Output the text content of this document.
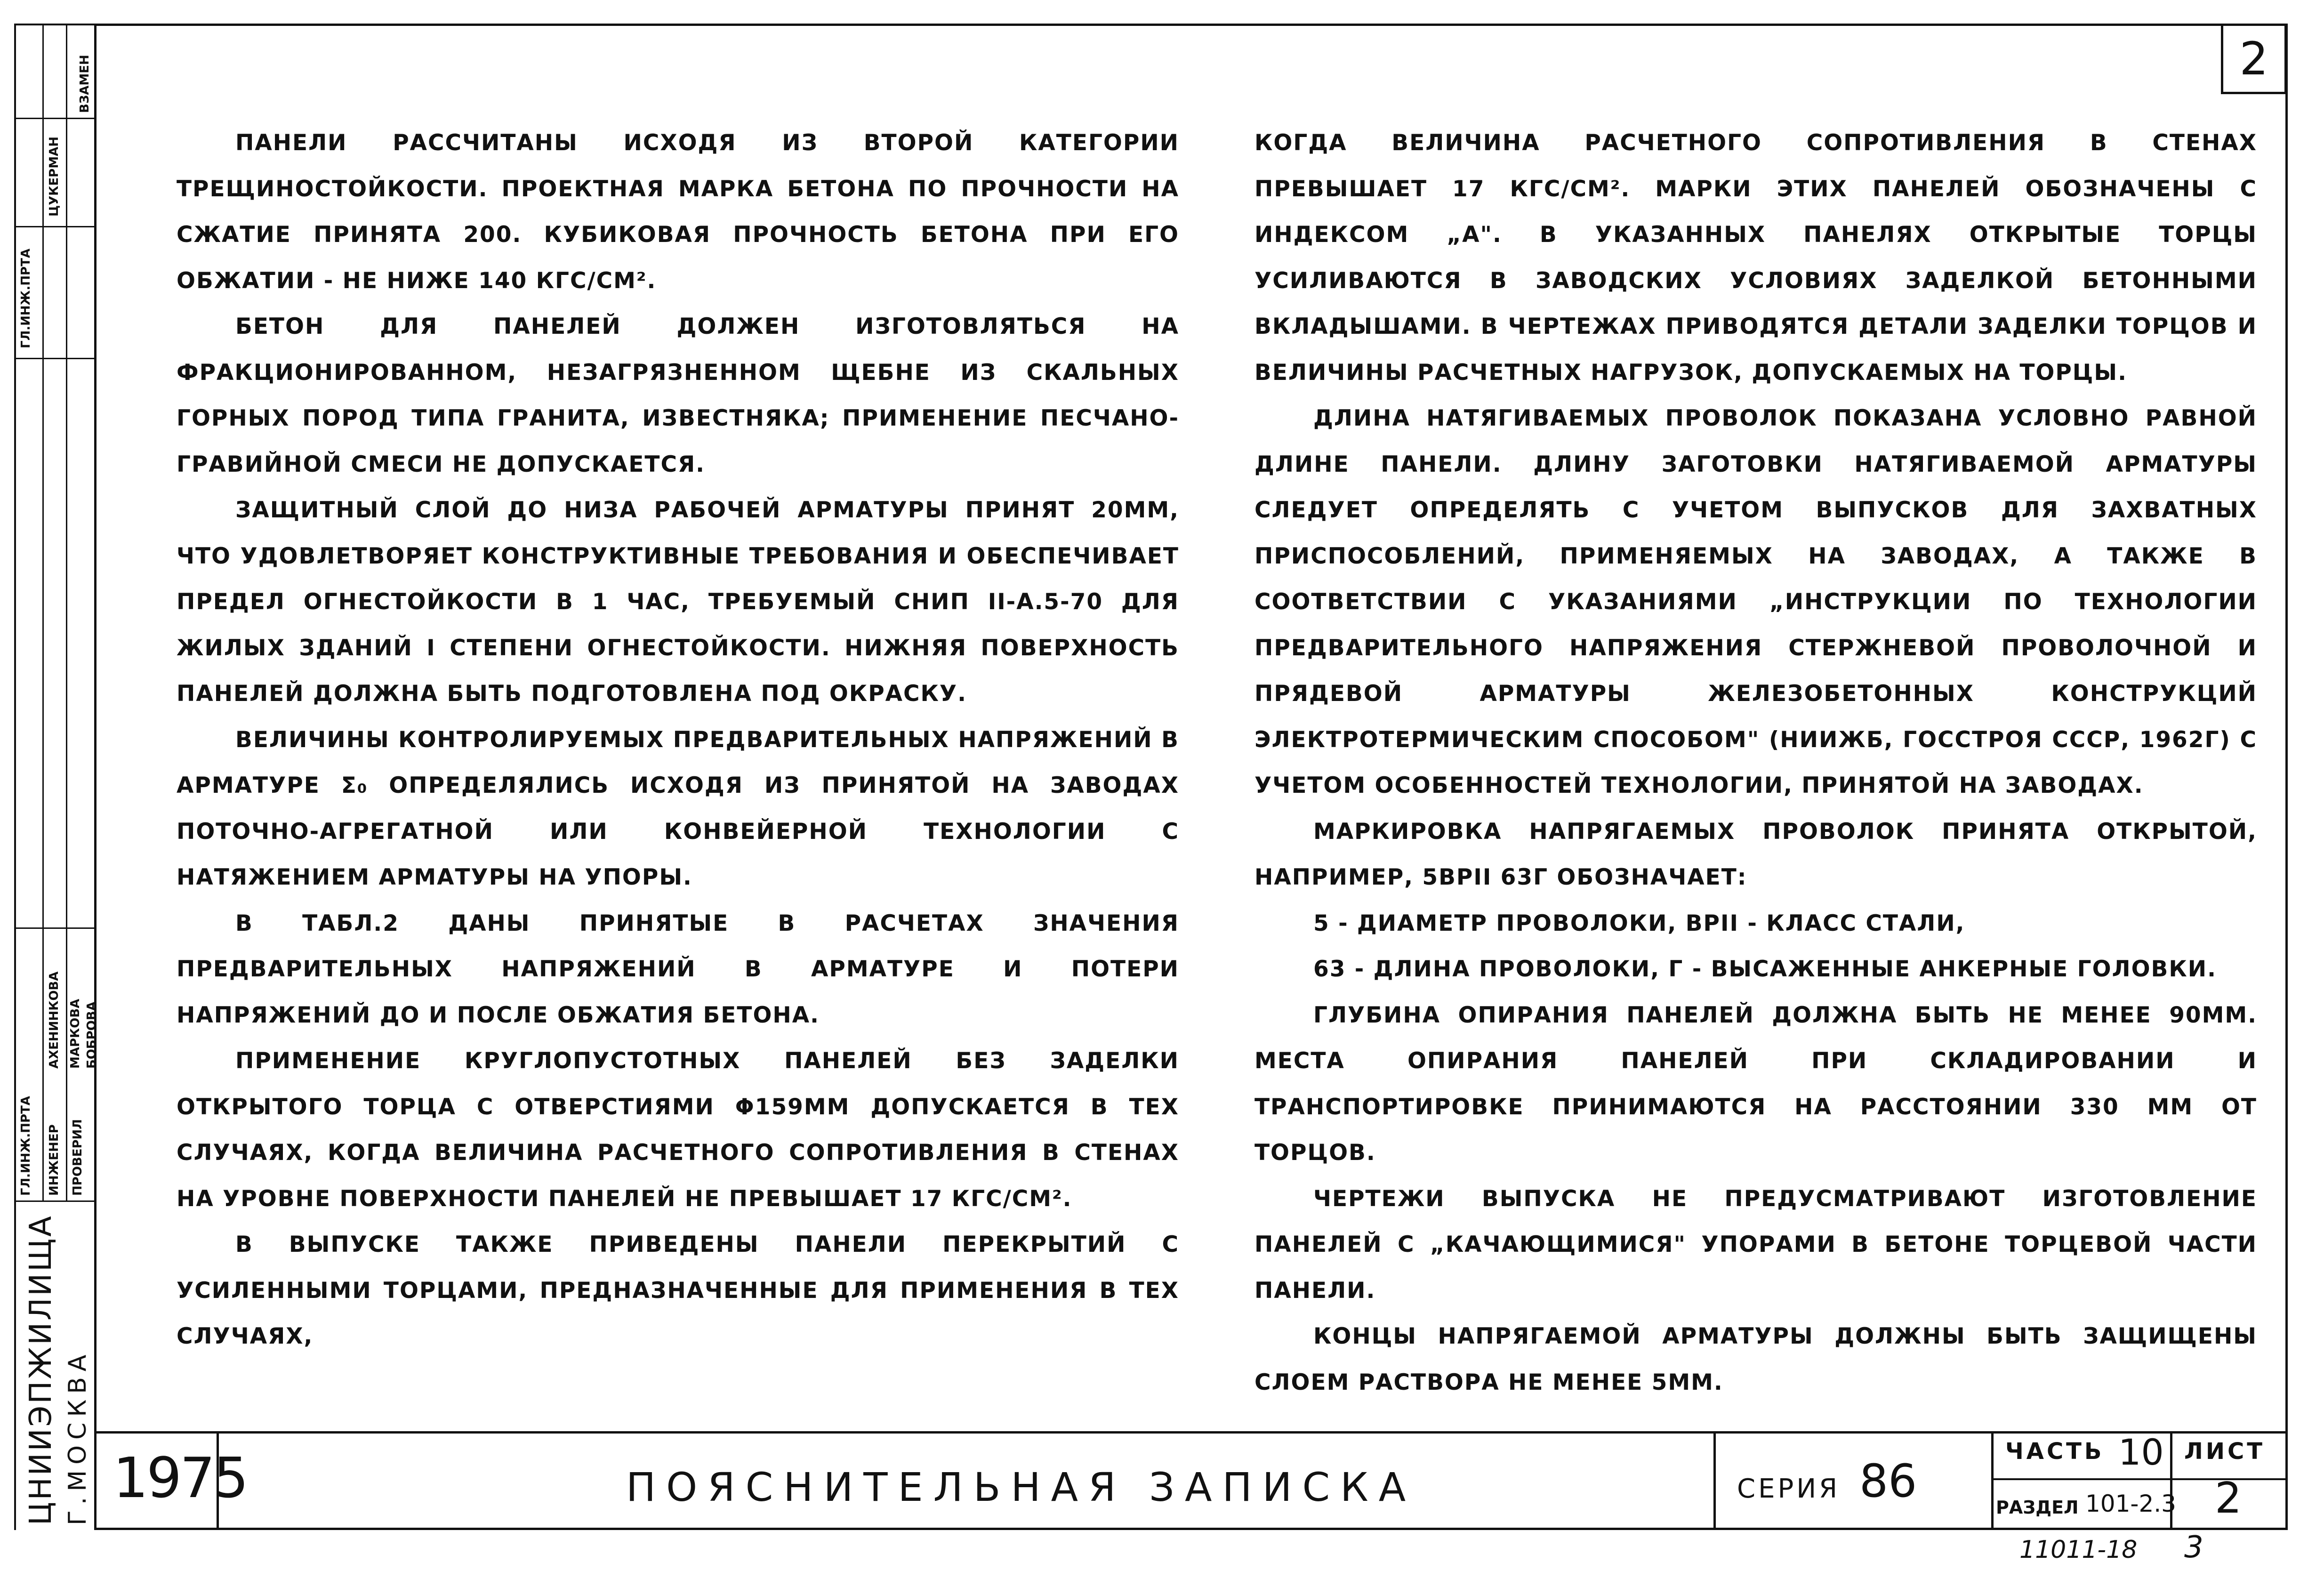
ВЗАМЕН
ЦУКЕРМАН
ГЛ.ИНЖ.ПРТА
АХЕНИНКОВА МАРКОВА БОБРОВА
ГЛ.ИНЖ.ПРТА ИНЖЕНЕР ПРОВЕРИЛ
ЦНИИЭПЖИЛИЩА Г.МОСКВА
2

ПАНЕЛИ РАССЧИТАНЫ ИСХОДЯ ИЗ ВТОРОЙ КАТЕГОРИИ ТРЕЩИНОСТОЙКОСТИ. ПРОЕКТНАЯ МАРКА БЕТОНА ПО ПРОЧНОСТИ НА СЖАТИЕ ПРИНЯТА 200. КУБИКОВАЯ ПРОЧНОСТЬ БЕТОНА ПРИ ЕГО ОБЖАТИИ - НЕ НИЖЕ 140 КГС/СМ².

БЕТОН ДЛЯ ПАНЕЛЕЙ ДОЛЖЕН ИЗГОТОВЛЯТЬСЯ НА ФРАКЦИОНИРОВАННОМ, НЕЗАГРЯЗНЕННОМ ЩЕБНЕ ИЗ СКАЛЬНЫХ ГОРНЫХ ПОРОД ТИПА ГРАНИТА, ИЗВЕСТНЯКА; ПРИМЕНЕНИЕ ПЕСЧАНО-ГРАВИЙНОЙ СМЕСИ НЕ ДОПУСКАЕТСЯ.

ЗАЩИТНЫЙ СЛОЙ ДО НИЗА РАБОЧЕЙ АРМАТУРЫ ПРИНЯТ 20ММ, ЧТО УДОВЛЕТВОРЯЕТ КОНСТРУКТИВНЫЕ ТРЕБОВАНИЯ И ОБЕСПЕЧИВАЕТ ПРЕДЕЛ ОГНЕСТОЙКОСТИ В 1 ЧАС, ТРЕБУЕМЫЙ СНИП II-А.5-70 ДЛЯ ЖИЛЫХ ЗДАНИЙ I СТЕПЕНИ ОГНЕСТОЙКОСТИ. НИЖНЯЯ ПОВЕРХНОСТЬ ПАНЕЛЕЙ ДОЛЖНА БЫТЬ ПОДГОТОВЛЕНА ПОД ОКРАСКУ.

ВЕЛИЧИНЫ КОНТРОЛИРУЕМЫХ ПРЕДВАРИТЕЛЬНЫХ НАПРЯЖЕНИЙ В АРМАТУРЕ Σ₀ ОПРЕДЕЛЯЛИСЬ ИСХОДЯ ИЗ ПРИНЯТОЙ НА ЗАВОДАХ ПОТОЧНО-АГРЕГАТНОЙ ИЛИ КОНВЕЙЕРНОЙ ТЕХНОЛОГИИ С НАТЯЖЕНИЕМ АРМАТУРЫ НА УПОРЫ.

В ТАБЛ.2 ДАНЫ ПРИНЯТЫЕ В РАСЧЕТАХ ЗНАЧЕНИЯ ПРЕДВАРИТЕЛЬНЫХ НАПРЯЖЕНИЙ В АРМАТУРЕ И ПОТЕРИ НАПРЯЖЕНИЙ ДО И ПОСЛЕ ОБЖАТИЯ БЕТОНА.

ПРИМЕНЕНИЕ КРУГЛОПУСТОТНЫХ ПАНЕЛЕЙ БЕЗ ЗАДЕЛКИ ОТКРЫТОГО ТОРЦА С ОТВЕРСТИЯМИ Φ159ММ ДОПУСКАЕТСЯ В ТЕХ СЛУЧАЯХ, КОГДА ВЕЛИЧИНА РАСЧЕТНОГО СОПРОТИВЛЕНИЯ В СТЕНАХ НА УРОВНЕ ПОВЕРХНОСТИ ПАНЕЛЕЙ НЕ ПРЕВЫШАЕТ 17 КГС/СМ².

В ВЫПУСКЕ ТАКЖЕ ПРИВЕДЕНЫ ПАНЕЛИ ПЕРЕКРЫТИЙ С УСИЛЕННЫМИ ТОРЦАМИ, ПРЕДНАЗНАЧЕННЫЕ ДЛЯ ПРИМЕНЕНИЯ В ТЕХ СЛУЧАЯХ,

КОГДА ВЕЛИЧИНА РАСЧЕТНОГО СОПРОТИВЛЕНИЯ В СТЕНАХ ПРЕВЫШАЕТ 17 КГС/СМ². МАРКИ ЭТИХ ПАНЕЛЕЙ ОБОЗНАЧЕНЫ С ИНДЕКСОМ „А". В УКАЗАННЫХ ПАНЕЛЯХ ОТКРЫТЫЕ ТОРЦЫ УСИЛИВАЮТСЯ В ЗАВОДСКИХ УСЛОВИЯХ ЗАДЕЛКОЙ БЕТОННЫМИ ВКЛАДЫШАМИ. В ЧЕРТЕЖАХ ПРИВОДЯТСЯ ДЕТАЛИ ЗАДЕЛКИ ТОРЦОВ И ВЕЛИЧИНЫ РАСЧЕТНЫХ НАГРУЗОК, ДОПУСКАЕМЫХ НА ТОРЦЫ.

ДЛИНА НАТЯГИВАЕМЫХ ПРОВОЛОК ПОКАЗАНА УСЛОВНО РАВНОЙ ДЛИНЕ ПАНЕЛИ. ДЛИНУ ЗАГОТОВКИ НАТЯГИВАЕМОЙ АРМАТУРЫ СЛЕДУЕТ ОПРЕДЕЛЯТЬ С УЧЕТОМ ВЫПУСКОВ ДЛЯ ЗАХВАТНЫХ ПРИСПОСОБЛЕНИЙ, ПРИМЕНЯЕМЫХ НА ЗАВОДАХ, А ТАКЖЕ В СООТВЕТСТВИИ С УКАЗАНИЯМИ „ИНСТРУКЦИИ ПО ТЕХНОЛОГИИ ПРЕДВАРИТЕЛЬНОГО НАПРЯЖЕНИЯ СТЕРЖНЕВОЙ ПРОВОЛОЧНОЙ И ПРЯДЕВОЙ АРМАТУРЫ ЖЕЛЕЗОБЕТОННЫХ КОНСТРУКЦИЙ ЭЛЕКТРОТЕРМИЧЕСКИМ СПОСОБОМ" (НИИЖБ, ГОССТРОЯ СССР, 1962Г) С УЧЕТОМ ОСОБЕННОСТЕЙ ТЕХНОЛОГИИ, ПРИНЯТОЙ НА ЗАВОДАХ.

МАРКИРОВКА НАПРЯГАЕМЫХ ПРОВОЛОК ПРИНЯТА ОТКРЫТОЙ, НАПРИМЕР, 5ВРII 63Г ОБОЗНАЧАЕТ:

5 - ДИАМЕТР ПРОВОЛОКИ, ВРII - КЛАСС СТАЛИ,

63 - ДЛИНА ПРОВОЛОКИ, Г - ВЫСАЖЕННЫЕ АНКЕРНЫЕ ГОЛОВКИ.

ГЛУБИНА ОПИРАНИЯ ПАНЕЛЕЙ ДОЛЖНА БЫТЬ НЕ МЕНЕЕ 90ММ. МЕСТА ОПИРАНИЯ ПАНЕЛЕЙ ПРИ СКЛАДИРОВАНИИ И ТРАНСПОРТИРОВКЕ ПРИНИМАЮТСЯ НА РАССТОЯНИИ 330 ММ ОТ ТОРЦОВ.

ЧЕРТЕЖИ ВЫПУСКА НЕ ПРЕДУСМАТРИВАЮТ ИЗГОТОВЛЕНИЕ ПАНЕЛЕЙ С „КАЧАЮЩИМИСЯ" УПОРАМИ В БЕТОНЕ ТОРЦЕВОЙ ЧАСТИ ПАНЕЛИ.

КОНЦЫ НАПРЯГАЕМОЙ АРМАТУРЫ ДОЛЖНЫ БЫТЬ ЗАЩИЩЕНЫ СЛОЕМ РАСТВОРА НЕ МЕНЕЕ 5ММ.

1975	ПОЯСНИТЕЛЬНАЯ ЗАПИСКА	СЕРИЯ 86
ЧАСТЬ 10
РАЗДЕЛ 101-2.3
ЛИСТ
2
11011-18 3
